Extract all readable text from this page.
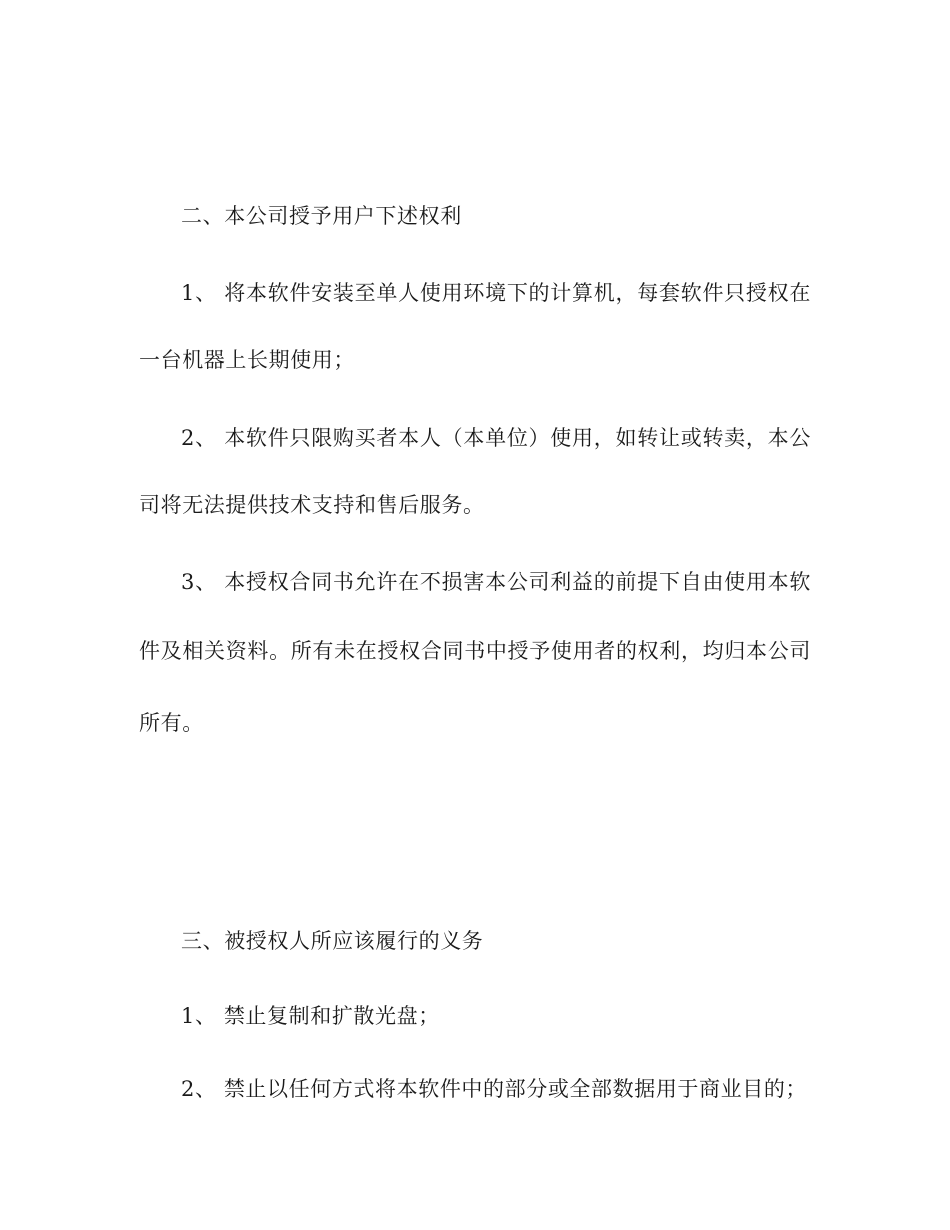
二、本公司授予用户下述权利
1、 将本软件安装至单人使用环境下的计算机，每套软件只授权在
一台机器上长期使用；
2、 本软件只限购买者本人（本单位）使用，如转让或转卖，本公
司将无法提供技术支持和售后服务。
3、 本授权合同书允许在不损害本公司利益的前提下自由使用本软
件及相关资料。所有未在授权合同书中授予使用者的权利，均归本公司
所有。
三、被授权人所应该履行的义务
1、 禁止复制和扩散光盘；
2、 禁止以任何方式将本软件中的部分或全部数据用于商业目的；
